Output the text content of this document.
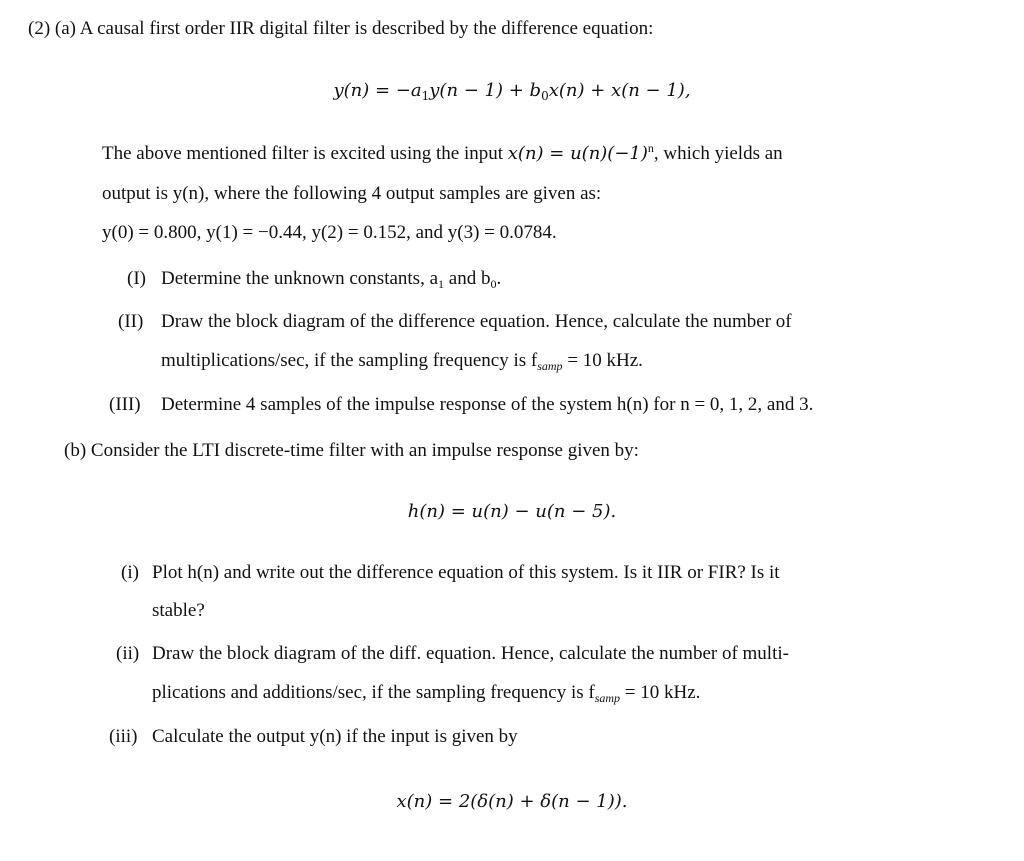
(2) (a) A causal first order IIR digital filter is described by the difference equation:
$y(n) = -a_1y(n - 1) + b_0x(n) + x(n - 1)$,
The above mentioned filter is excited using the input $x(n) = u(n)(-1)^n$, which yields an
output is y(n), where the following 4 output samples are given as:
y(0) = 0.800, y(1) = −0.44, y(2) = 0.152, and y(3) = 0.0784.
(I) Determine the unknown constants, $a_1$ and $b_0$.
(II) Draw the block diagram of the difference equation. Hence, calculate the number of
multiplications/sec, if the sampling frequency is $f_{samp} = 10$ kHz.
(III) Determine 4 samples of the impulse response of the system h(n) for n = 0, 1, 2, and 3.
(b) Consider the LTI discrete-time filter with an impulse response given by:
h(n) = u(n) − u(n − 5).
(i) Plot h(n) and write out the difference equation of this system. Is it IIR or FIR? Is it
stable?
(ii) Draw the block diagram of the diff. equation. Hence, calculate the number of multi-
plications and additions/sec, if the sampling frequency is $f_{samp} = 10$ kHz.
(iii) Calculate the output y(n) if the input is given by
x(n) = 2(δ(n) + δ(n − 1)).
